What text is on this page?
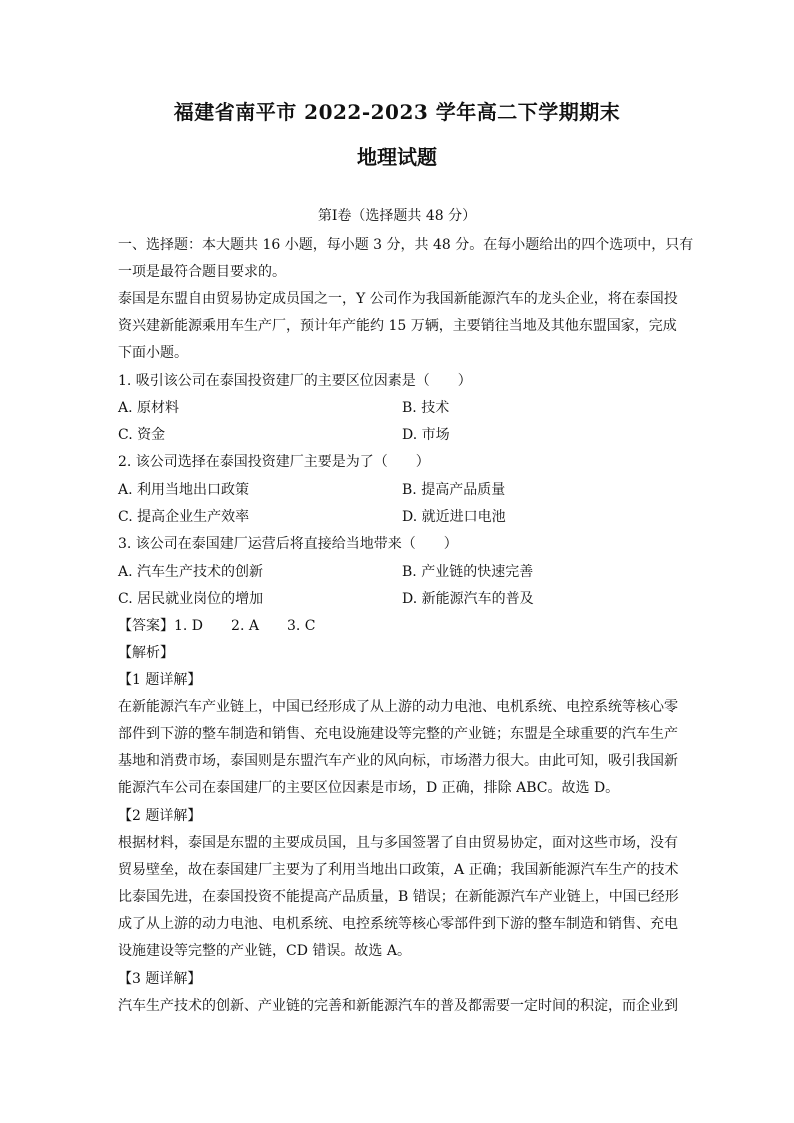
福建省南平市 2022-2023 学年高二下学期期末
地理试题
第Ⅰ卷（选择题共 48 分）
一、选择题：本大题共 16 小题，每小题 3 分，共 48 分。在每小题给出的四个选项中，只有
一项是最符合题目要求的。
泰国是东盟自由贸易协定成员国之一，Y 公司作为我国新能源汽车的龙头企业，将在泰国投
资兴建新能源乘用车生产厂，预计年产能约 15 万辆，主要销往当地及其他东盟国家，完成
下面小题。
1. 吸引该公司在泰国投资建厂的主要区位因素是（　　）
A. 原材料	B. 技术
C. 资金	D. 市场
2. 该公司选择在泰国投资建厂主要是为了（　　）
A. 利用当地出口政策	B. 提高产品质量
C. 提高企业生产效率	D. 就近进口电池
3. 该公司在泰国建厂运营后将直接给当地带来（　　）
A. 汽车生产技术的创新	B. 产业链的快速完善
C. 居民就业岗位的增加	D. 新能源汽车的普及
【答案】1. D　　2. A　　3. C
【解析】
【1 题详解】
在新能源汽车产业链上，中国已经形成了从上游的动力电池、电机系统、电控系统等核心零
部件到下游的整车制造和销售、充电设施建设等完整的产业链；东盟是全球重要的汽车生产
基地和消费市场，泰国则是东盟汽车产业的风向标，市场潜力很大。由此可知，吸引我国新
能源汽车公司在泰国建厂的主要区位因素是市场，D 正确，排除 ABC。故选 D。
【2 题详解】
根据材料，泰国是东盟的主要成员国，且与多国签署了自由贸易协定，面对这些市场，没有
贸易壁垒，故在泰国建厂主要为了利用当地出口政策，A 正确；我国新能源汽车生产的技术
比泰国先进，在泰国投资不能提高产品质量，B 错误；在新能源汽车产业链上，中国已经形
成了从上游的动力电池、电机系统、电控系统等核心零部件到下游的整车制造和销售、充电
设施建设等完整的产业链，CD 错误。故选 A。
【3 题详解】
汽车生产技术的创新、产业链的完善和新能源汽车的普及都需要一定时间的积淀，而企业到
